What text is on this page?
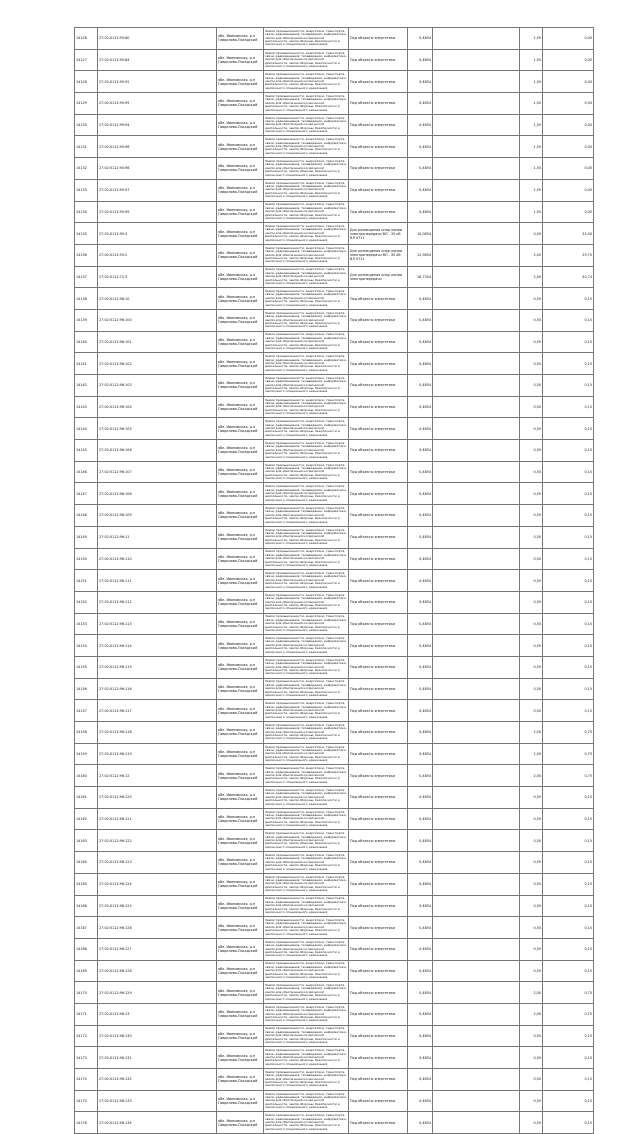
14128	27:02:0112:95:80	обл. Ивановская, р-н Гаврилово-Посадский	Земли промышленности, энергетики, транспорта, связи, радиовещания, телевидения, информатики, земли для обеспечения космической деятельности, земли обороны, безопасности и земли иного специального назначения	Под объекты энергетики	0,4854		1,50	0,00
14127	27:02:0112:95:84	обл. Ивановская, р-н Гаврилово-Посадский	Земли промышленности, энергетики, транспорта, связи, радиовещания, телевидения, информатики, земли для обеспечения космической деятельности, земли обороны, безопасности и земли иного специального назначения	Под объекты энергетики	0,4854		1,50	0,00
14128	27:02:0112:95:92	обл. Ивановская, р-н Гаврилово-Посадский	Земли промышленности, энергетики, транспорта, связи, радиовещания, телевидения, информатики, земли для обеспечения космической деятельности, земли обороны, безопасности и земли иного специального назначения	Под объекты энергетики	0,4854		1,50	0,00
14129	27:02:0112:95:95	обл. Ивановская, р-н Гаврилово-Посадский	Земли промышленности, энергетики, транспорта, связи, радиовещания, телевидения, информатики, земли для обеспечения космической деятельности, земли обороны, безопасности и земли иного специального назначения	Под объекты энергетики	0,4854		1,50	0,00
14130	27:02:0112:95:94	обл. Ивановская, р-н Гаврилово-Посадский	Земли промышленности, энергетики, транспорта, связи, радиовещания, телевидения, информатики, земли для обеспечения космической деятельности, земли обороны, безопасности и земли иного специального назначения	Под объекты энергетики	0,4854		1,50	0,00
14131	27:02:0112:95:96	обл. Ивановская, р-н Гаврилово-Посадский	Земли промышленности, энергетики, транспорта, связи, радиовещания, телевидения, информатики, земли для обеспечения космической деятельности, земли обороны, безопасности и земли иного специального назначения	Под объекты энергетики	0,4854		1,50	0,00
14132	27:02:0112:95:98	обл. Ивановская, р-н Гаврилово-Посадский	Земли промышленности, энергетики, транспорта, связи, радиовещания, телевидения, информатики, земли для обеспечения космической деятельности, земли обороны, безопасности и земли иного специального назначения	Под объекты энергетики	0,4854		1,50	0,00
14133	27:02:0112:95:97	обл. Ивановская, р-н Гаврилово-Посадский	Земли промышленности, энергетики, транспорта, связи, радиовещания, телевидения, информатики, земли для обеспечения космической деятельности, земли обороны, безопасности и земли иного специального назначения	Под объекты энергетики	0,4854		1,50	0,00
14134	27:02:0112:95:99	обл. Ивановская, р-н Гаврилово-Посадский	Земли промышленности, энергетики, транспорта, связи, радиовещания, телевидения, информатики, земли для обеспечения космической деятельности, земли обороны, безопасности и земли иного специального назначения	Под объекты энергетики	0,4854		1,50	0,00
14135	27:02:0112:95:3	обл. Ивановская, р-н Гаврилово-Посадский	Земли промышленности, энергетики, транспорта, связи, радиовещания, телевидения, информатики, земли для обеспечения космической деятельности, земли обороны, безопасности и земли иного специального назначения	Для размещения опор линии электропередачи ВЛ - 35 кВ ВЛ 0711	10,0854		0,00	35,00
14136	27:02:0112:95:2	обл. Ивановская, р-н Гаврилово-Посадский	Земли промышленности, энергетики, транспорта, связи, радиовещания, телевидения, информатики, земли для обеспечения космической деятельности, земли обороны, безопасности и земли иного специального назначения	Для размещения опор линии электропередачи ВЛ - 35 кВ ВЛ 0711	12,9854		2,00	29,75
14137	27:02:0112:71:3	обл. Ивановская, р-н Гаврилово-Посадский	Земли промышленности, энергетики, транспорта, связи, радиовещания, телевидения, информатики, земли для обеспечения космической деятельности, земли обороны, безопасности и земли иного специального назначения	Для размещения опор линии электропередачи	16,7354		2,00	40,74
14138	27:02:0112:96:10	обл. Ивановская, р-н Гаврилово-Посадский	Земли промышленности, энергетики, транспорта, связи, радиовещания, телевидения, информатики, земли для обеспечения космической деятельности, земли обороны, безопасности и земли иного специального назначения	Под объекты энергетики	0,4854		0,50	0,15
14139	27:02:0112:96:100	обл. Ивановская, р-н Гаврилово-Посадский	Земли промышленности, энергетики, транспорта, связи, радиовещания, телевидения, информатики, земли для обеспечения космической деятельности, земли обороны, безопасности и земли иного специального назначения	Под объекты энергетики	0,4854		0,50	0,15
14140	27:02:0112:96:101	обл. Ивановская, р-н Гаврилово-Посадский	Земли промышленности, энергетики, транспорта, связи, радиовещания, телевидения, информатики, земли для обеспечения космической деятельности, земли обороны, безопасности и земли иного специального назначения	Под объекты энергетики	0,4854		0,50	0,15
14141	27:02:0112:96:102	обл. Ивановская, р-н Гаврилово-Посадский	Земли промышленности, энергетики, транспорта, связи, радиовещания, телевидения, информатики, земли для обеспечения космической деятельности, земли обороны, безопасности и земли иного специального назначения	Под объекты энергетики	0,4854		0,50	0,15
14142	27:02:0112:96:103	обл. Ивановская, р-н Гаврилово-Посадский	Земли промышленности, энергетики, транспорта, связи, радиовещания, телевидения, информатики, земли для обеспечения космической деятельности, земли обороны, безопасности и земли иного специального назначения	Под объекты энергетики	0,4854		0,50	0,15
14143	27:02:0112:96:104	обл. Ивановская, р-н Гаврилово-Посадский	Земли промышленности, энергетики, транспорта, связи, радиовещания, телевидения, информатики, земли для обеспечения космической деятельности, земли обороны, безопасности и земли иного специального назначения	Под объекты энергетики	0,4854		0,50	0,15
14144	27:02:0112:96:105	обл. Ивановская, р-н Гаврилово-Посадский	Земли промышленности, энергетики, транспорта, связи, радиовещания, телевидения, информатики, земли для обеспечения космической деятельности, земли обороны, безопасности и земли иного специального назначения	Под объекты энергетики	0,4854		0,50	0,15
14145	27:02:0112:96:106	обл. Ивановская, р-н Гаврилово-Посадский	Земли промышленности, энергетики, транспорта, связи, радиовещания, телевидения, информатики, земли для обеспечения космической деятельности, земли обороны, безопасности и земли иного специального назначения	Под объекты энергетики	0,4854		0,50	0,15
14146	27:02:0112:96:107	обл. Ивановская, р-н Гаврилово-Посадский	Земли промышленности, энергетики, транспорта, связи, радиовещания, телевидения, информатики, земли для обеспечения космической деятельности, земли обороны, безопасности и земли иного специального назначения	Под объекты энергетики	0,4854		0,50	0,15
14147	27:02:0112:96:108	обл. Ивановская, р-н Гаврилово-Посадский	Земли промышленности, энергетики, транспорта, связи, радиовещания, телевидения, информатики, земли для обеспечения космической деятельности, земли обороны, безопасности и земли иного специального назначения	Под объекты энергетики	0,4854		0,50	0,15
14148	27:02:0112:96:109	обл. Ивановская, р-н Гаврилово-Посадский	Земли промышленности, энергетики, транспорта, связи, радиовещания, телевидения, информатики, земли для обеспечения космической деятельности, земли обороны, безопасности и земли иного специального назначения	Под объекты энергетики	0,4854		0,50	0,15
14149	27:02:0112:96:11	обл. Ивановская, р-н Гаврилово-Посадский	Земли промышленности, энергетики, транспорта, связи, радиовещания, телевидения, информатики, земли для обеспечения космической деятельности, земли обороны, безопасности и земли иного специального назначения	Под объекты энергетики	0,4854		0,50	0,15
14150	27:02:0112:96:110	обл. Ивановская, р-н Гаврилово-Посадский	Земли промышленности, энергетики, транспорта, связи, радиовещания, телевидения, информатики, земли для обеспечения космической деятельности, земли обороны, безопасности и земли иного специального назначения	Под объекты энергетики	0,4854		0,50	0,15
14151	27:02:0112:96:111	обл. Ивановская, р-н Гаврилово-Посадский	Земли промышленности, энергетики, транспорта, связи, радиовещания, телевидения, информатики, земли для обеспечения космической деятельности, земли обороны, безопасности и земли иного специального назначения	Под объекты энергетики	0,4854		0,50	0,15
14152	27:02:0112:96:112	обл. Ивановская, р-н Гаврилово-Посадский	Земли промышленности, энергетики, транспорта, связи, радиовещания, телевидения, информатики, земли для обеспечения космической деятельности, земли обороны, безопасности и земли иного специального назначения	Под объекты энергетики	0,4854		0,50	0,15
14153	27:02:0112:96:113	обл. Ивановская, р-н Гаврилово-Посадский	Земли промышленности, энергетики, транспорта, связи, радиовещания, телевидения, информатики, земли для обеспечения космической деятельности, земли обороны, безопасности и земли иного специального назначения	Под объекты энергетики	0,4854		0,50	0,15
14154	27:02:0112:96:114	обл. Ивановская, р-н Гаврилово-Посадский	Земли промышленности, энергетики, транспорта, связи, радиовещания, телевидения, информатики, земли для обеспечения космической деятельности, земли обороны, безопасности и земли иного специального назначения	Под объекты энергетики	0,4854		0,50	0,15
14155	27:02:0112:96:115	обл. Ивановская, р-н Гаврилово-Посадский	Земли промышленности, энергетики, транспорта, связи, радиовещания, телевидения, информатики, земли для обеспечения космической деятельности, земли обороны, безопасности и земли иного специального назначения	Под объекты энергетики	0,4854		0,50	0,15
14156	27:02:0112:96:116	обл. Ивановская, р-н Гаврилово-Посадский	Земли промышленности, энергетики, транспорта, связи, радиовещания, телевидения, информатики, земли для обеспечения космической деятельности, земли обороны, безопасности и земли иного специального назначения	Под объекты энергетики	0,4854		0,50	0,15
14157	27:02:0112:96:117	обл. Ивановская, р-н Гаврилово-Посадский	Земли промышленности, энергетики, транспорта, связи, радиовещания, телевидения, информатики, земли для обеспечения космической деятельности, земли обороны, безопасности и земли иного специального назначения	Под объекты энергетики	0,4854		0,50	0,15
14158	27:02:0112:96:118	обл. Ивановская, р-н Гаврилово-Посадский	Земли промышленности, энергетики, транспорта, связи, радиовещания, телевидения, информатики, земли для обеспечения космической деятельности, земли обороны, безопасности и земли иного специального назначения	Под объекты энергетики	0,4854		2,00	0,75
14159	27:02:0112:96:119	обл. Ивановская, р-н Гаврилово-Посадский	Земли промышленности, энергетики, транспорта, связи, радиовещания, телевидения, информатики, земли для обеспечения космической деятельности, земли обороны, безопасности и земли иного специального назначения	Под объекты энергетики	0,4854		2,00	0,75
14160	27:02:0112:96:12	обл. Ивановская, р-н Гаврилово-Посадский	Земли промышленности, энергетики, транспорта, связи, радиовещания, телевидения, информатики, земли для обеспечения космической деятельности, земли обороны, безопасности и земли иного специального назначения	Под объекты энергетики	0,4854		2,00	0,75
14161	27:02:0112:96:120	обл. Ивановская, р-н Гаврилово-Посадский	Земли промышленности, энергетики, транспорта, связи, радиовещания, телевидения, информатики, земли для обеспечения космической деятельности, земли обороны, безопасности и земли иного специального назначения	Под объекты энергетики	0,4854		0,50	0,15
14162	27:02:0112:96:121	обл. Ивановская, р-н Гаврилово-Посадский	Земли промышленности, энергетики, транспорта, связи, радиовещания, телевидения, информатики, земли для обеспечения космической деятельности, земли обороны, безопасности и земли иного специального назначения	Под объекты энергетики	0,4854		0,50	0,15
14163	27:02:0112:96:122	обл. Ивановская, р-н Гаврилово-Посадский	Земли промышленности, энергетики, транспорта, связи, радиовещания, телевидения, информатики, земли для обеспечения космической деятельности, земли обороны, безопасности и земли иного специального назначения	Под объекты энергетики	0,4854		0,50	0,15
14164	27:02:0112:96:123	обл. Ивановская, р-н Гаврилово-Посадский	Земли промышленности, энергетики, транспорта, связи, радиовещания, телевидения, информатики, земли для обеспечения космической деятельности, земли обороны, безопасности и земли иного специального назначения	Под объекты энергетики	0,4854		0,50	0,15
14165	27:02:0112:96:124	обл. Ивановская, р-н Гаврилово-Посадский	Земли промышленности, энергетики, транспорта, связи, радиовещания, телевидения, информатики, земли для обеспечения космической деятельности, земли обороны, безопасности и земли иного специального назначения	Под объекты энергетики	0,4854		0,50	0,15
14166	27:02:0112:96:125	обл. Ивановская, р-н Гаврилово-Посадский	Земли промышленности, энергетики, транспорта, связи, радиовещания, телевидения, информатики, земли для обеспечения космической деятельности, земли обороны, безопасности и земли иного специального назначения	Под объекты энергетики	0,4854		0,50	0,15
14167	27:02:0112:96:126	обл. Ивановская, р-н Гаврилово-Посадский	Земли промышленности, энергетики, транспорта, связи, радиовещания, телевидения, информатики, земли для обеспечения космической деятельности, земли обороны, безопасности и земли иного специального назначения	Под объекты энергетики	0,4854		0,50	0,15
14168	27:02:0112:96:127	обл. Ивановская, р-н Гаврилово-Посадский	Земли промышленности, энергетики, транспорта, связи, радиовещания, телевидения, информатики, земли для обеспечения космической деятельности, земли обороны, безопасности и земли иного специального назначения	Под объекты энергетики	0,4854		0,50	0,15
14169	27:02:0112:96:128	обл. Ивановская, р-н Гаврилово-Посадский	Земли промышленности, энергетики, транспорта, связи, радиовещания, телевидения, информатики, земли для обеспечения космической деятельности, земли обороны, безопасности и земли иного специального назначения	Под объекты энергетики	0,4854		0,50	0,15
14170	27:02:0112:96:129	обл. Ивановская, р-н Гаврилово-Посадский	Земли промышленности, энергетики, транспорта, связи, радиовещания, телевидения, информатики, земли для обеспечения космической деятельности, земли обороны, безопасности и земли иного специального назначения	Под объекты энергетики	0,4854		2,00	0,75
14171	27:02:0112:96:13	обл. Ивановская, р-н Гаврилово-Посадский	Земли промышленности, энергетики, транспорта, связи, радиовещания, телевидения, информатики, земли для обеспечения космической деятельности, земли обороны, безопасности и земли иного специального назначения	Под объекты энергетики	0,4854		2,00	0,75
14172	27:02:0112:96:130	обл. Ивановская, р-н Гаврилово-Посадский	Земли промышленности, энергетики, транспорта, связи, радиовещания, телевидения, информатики, земли для обеспечения космической деятельности, земли обороны, безопасности и земли иного специального назначения	Под объекты энергетики	0,4854		0,50	0,15
14173	27:02:0112:96:131	обл. Ивановская, р-н Гаврилово-Посадский	Земли промышленности, энергетики, транспорта, связи, радиовещания, телевидения, информатики, земли для обеспечения космической деятельности, земли обороны, безопасности и земли иного специального назначения	Под объекты энергетики	0,4854		0,50	0,15
14174	27:02:0112:96:132	обл. Ивановская, р-н Гаврилово-Посадский	Земли промышленности, энергетики, транспорта, связи, радиовещания, телевидения, информатики, земли для обеспечения космической деятельности, земли обороны, безопасности и земли иного специального назначения	Под объекты энергетики	0,4854		0,50	0,15
14175	27:02:0112:96:133	обл. Ивановская, р-н Гаврилово-Посадский	Земли промышленности, энергетики, транспорта, связи, радиовещания, телевидения, информатики, земли для обеспечения космической деятельности, земли обороны, безопасности и земли иного специального назначения	Под объекты энергетики	0,4854		0,50	0,15
14176	27:02:0112:96:134	обл. Ивановская, р-н Гаврилово-Посадский	Земли промышленности, энергетики, транспорта, связи, радиовещания, телевидения, информатики, земли для обеспечения космической деятельности, земли обороны, безопасности и земли иного специального назначения	Под объекты энергетики	0,4854		0,50	0,15
